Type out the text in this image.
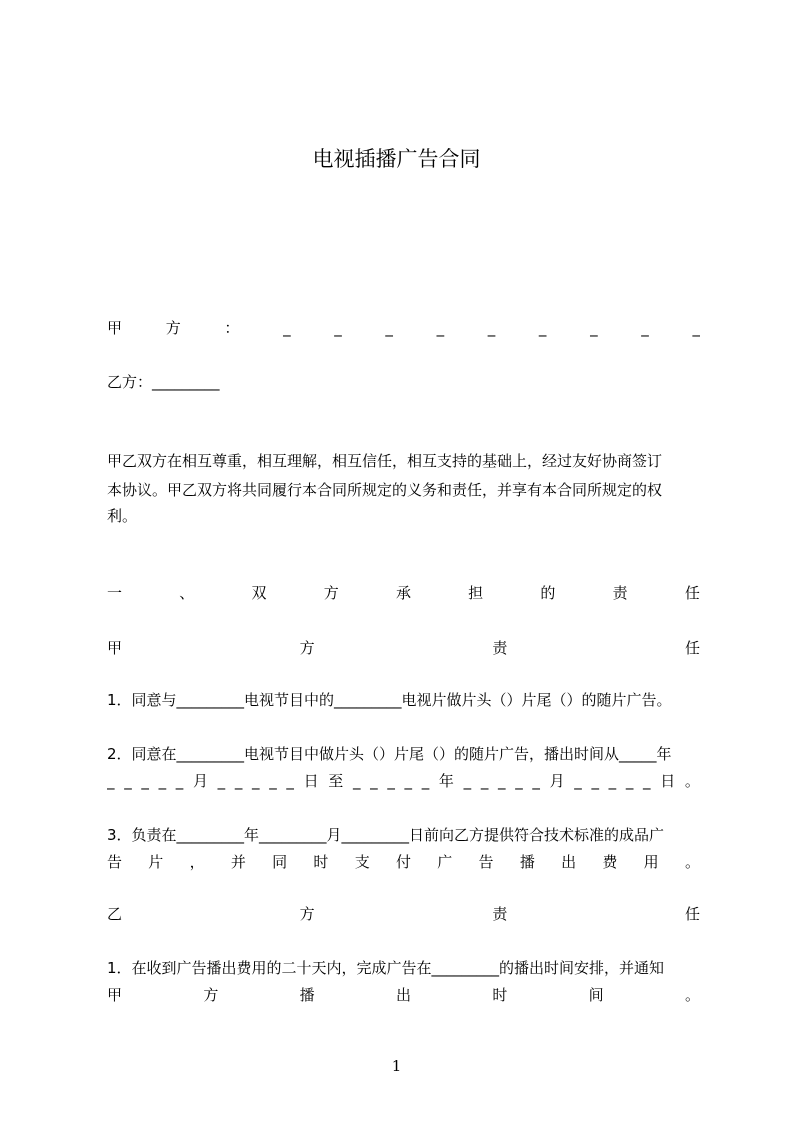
电视插播广告合同
甲	方	：	_	_	_	_	_	_	_	_	_
乙方：_________
甲乙双方在相互尊重，相互理解，相互信任，相互支持的基础上，经过友好协商签订
本协议。甲乙双方将共同履行本合同所规定的义务和责任，并享有本合同所规定的权
利。
一	、	双	方	承	担	的	责	任
甲	方	责	任
1．同意与_________电视节目中的_________电视片做片头（）片尾（）的随片广告。
2．同意在_________电视节目中做片头（）片尾（）的随片广告，播出时间从_____年
_ _ _ _ _ 月 _ _ _ _ _ 日 至 _ _ _ _ _ 年 _ _ _ _ _ 月 _ _ _ _ _ 日 。
3．负责在_________年_________月_________日前向乙方提供符合技术标准的成品广
告 片 ， 并 同 时 支 付 广 告 播 出 费 用 。
乙	方	责	任
1．在收到广告播出费用的二十天内，完成广告在_________的播出时间安排，并通知
甲	方	播	出	时	间	。
1
